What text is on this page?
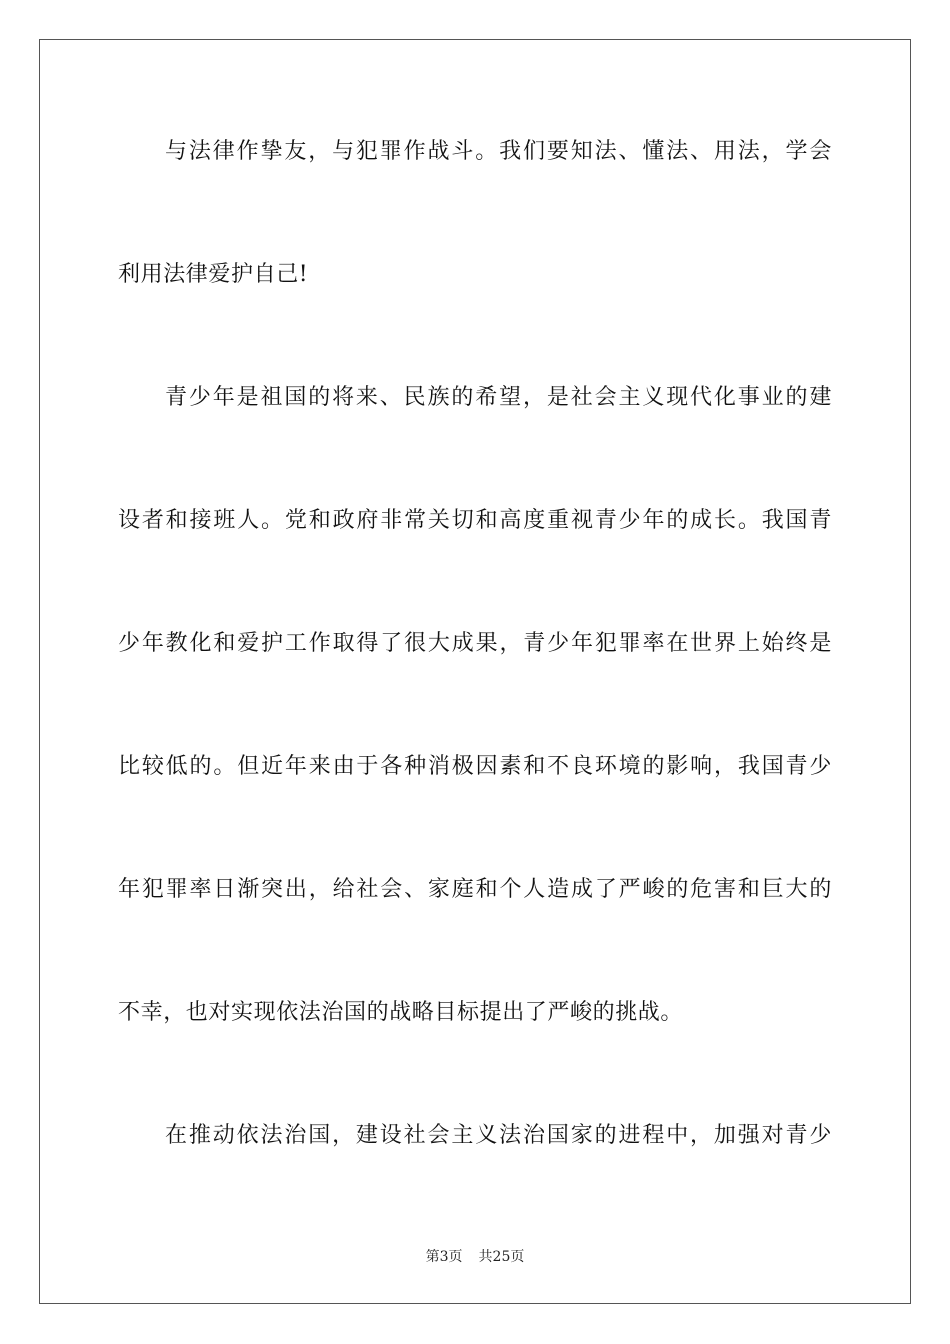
与法律作挚友，与犯罪作战斗。我们要知法、懂法、用法，学会
利用法律爱护自己!
青少年是祖国的将来、民族的希望，是社会主义现代化事业的建
设者和接班人。党和政府非常关切和高度重视青少年的成长。我国青
少年教化和爱护工作取得了很大成果，青少年犯罪率在世界上始终是
比较低的。但近年来由于各种消极因素和不良环境的影响，我国青少
年犯罪率日渐突出，给社会、家庭和个人造成了严峻的危害和巨大的
不幸，也对实现依法治国的战略目标提出了严峻的挑战。
在推动依法治国，建设社会主义法治国家的进程中，加强对青少
第3页 共25页
